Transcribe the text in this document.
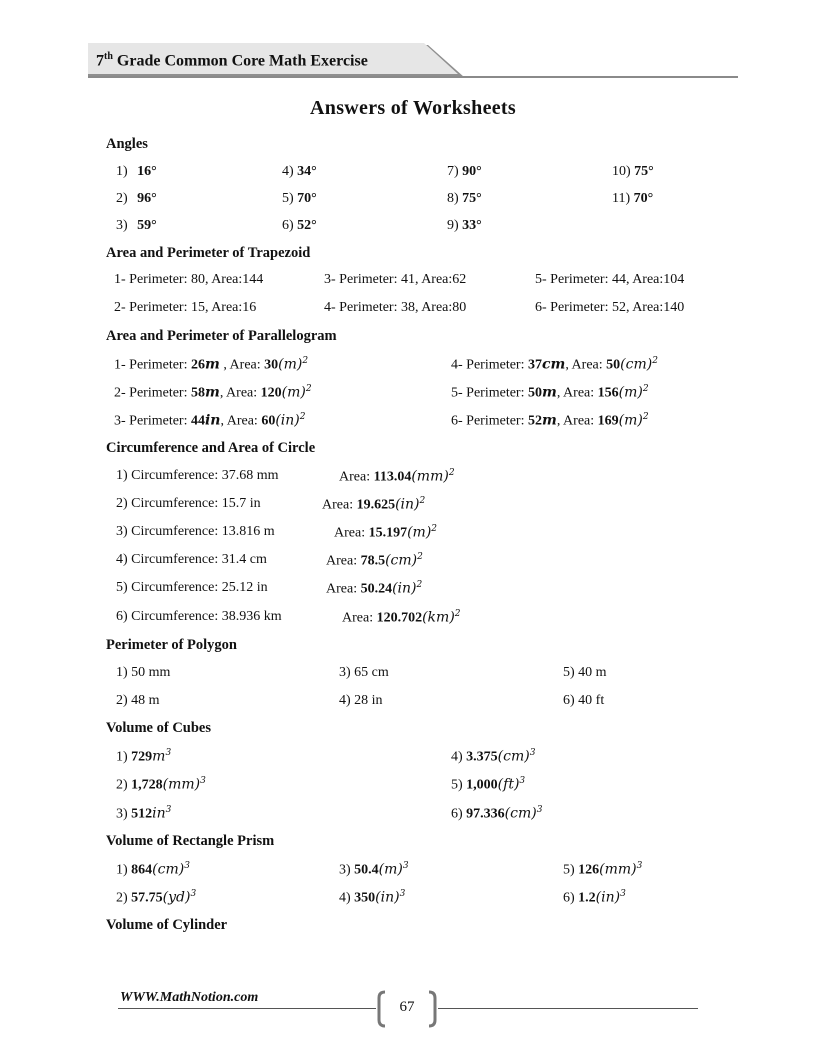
7th Grade Common Core Math Exercise
Answers of Worksheets
Angles
1) 16°	4) 34°	7) 90°	10) 75°
2) 96°	5) 70°	8) 75°	11) 70°
3) 59°	6) 52°	9) 33°
Area and Perimeter of Trapezoid
1- Perimeter: 80, Area:144	3- Perimeter: 41, Area:62	5- Perimeter: 44, Area:104
2- Perimeter: 15, Area:16	4- Perimeter: 38, Area:80	6- Perimeter: 52, Area:140
Area and Perimeter of Parallelogram
1- Perimeter: 26m , Area: $30(m)^2$	4- Perimeter: 37cm, Area: 50(cm)$^2$
2- Perimeter: 58m, Area: $120(m)^2$	5- Perimeter: 50m, Area: $156(m)^2$
3- Perimeter: 44in, Area: 60(in)$^2$	6- Perimeter: 52m, Area: $169(m)^2$
Circumference and Area of Circle
1) Circumference: 37.68 mm	Area: 113.04(mm)$^2$
2) Circumference: 15.7 in	Area: 19.625(in)$^2$
3) Circumference: 13.816 m	Area: $15.197(m)^2$
4) Circumference: 31.4 cm	Area: 78.5(cm)$^2$
5) Circumference: 25.12 in	Area: 50.24(in)$^2$
6) Circumference: 38.936 km	Area: 120.702(km)$^2$
Perimeter of Polygon
1) 50 mm	3) 65 cm	5) 40 m
2) 48 m	4) 28 in	6) 40 ft
Volume of Cubes
1) $729m^3$	4) 3.375(cm)$^3$
2) 1,728(mm)$^3$	5) 1,000(ft)$^3$
3) $512in^3$	6) 97.336(cm)$^3$
Volume of Rectangle Prism
1) 864(cm)$^3$	3) $50.4(m)^3$	5) 126(mm)$^3$
2) 57.75(yd)$^3$	4) 350(in)$^3$	6) 1.2(in)$^3$
Volume of Cylinder
WWW.MathNotion.com
67
